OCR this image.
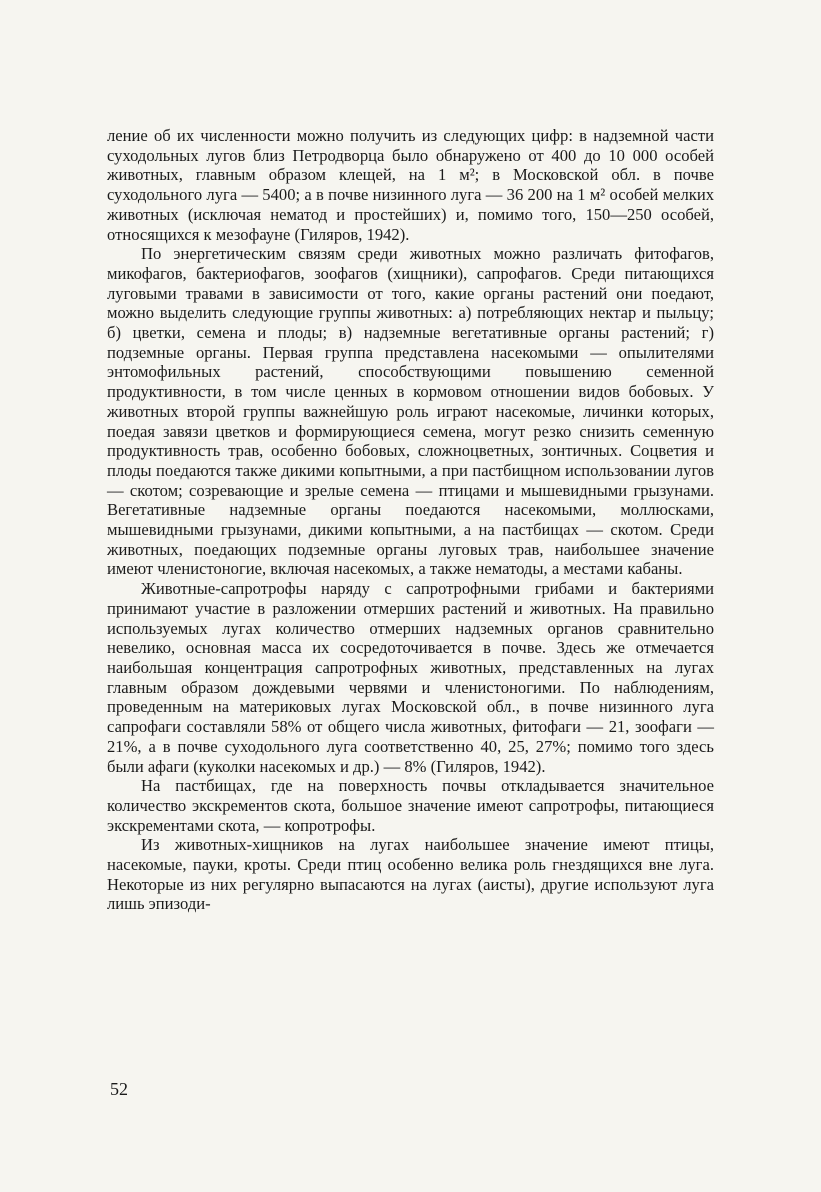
ление об их численности можно получить из следующих цифр: в надземной части суходольных лугов близ Петродворца было обнаружено от 400 до 10 000 особей животных, главным образом клещей, на 1 м²; в Московской обл. в почве суходольного луга — 5400; а в почве низинного луга — 36 200 на 1 м² особей мелких животных (исключая нематод и простейших) и, помимо того, 150—250 особей, относящихся к мезофауне (Гиляров, 1942).

По энергетическим связям среди животных можно различать фитофагов, микофагов, бактериофагов, зоофагов (хищники), сапрофагов. Среди питающихся луговыми травами в зависимости от того, какие органы растений они поедают, можно выделить следующие группы животных: а) потребляющих нектар и пыльцу; б) цветки, семена и плоды; в) надземные вегетативные органы растений; г) подземные органы. Первая группа представлена насекомыми — опылителями энтомофильных растений, способствующими повышению семенной продуктивности, в том числе ценных в кормовом отношении видов бобовых. У животных второй группы важнейшую роль играют насекомые, личинки которых, поедая завязи цветков и формирующиеся семена, могут резко снизить семенную продуктивность трав, особенно бобовых, сложноцветных, зонтичных. Соцветия и плоды поедаются также дикими копытными, а при пастбищном использовании лугов — скотом; созревающие и зрелые семена — птицами и мышевидными грызунами. Вегетативные надземные органы поедаются насекомыми, моллюсками, мышевидными грызунами, дикими копытными, а на пастбищах — скотом. Среди животных, поедающих подземные органы луговых трав, наибольшее значение имеют членистоногие, включая насекомых, а также нематоды, а местами кабаны.

Животные-сапротрофы наряду с сапротрофными грибами и бактериями принимают участие в разложении отмерших растений и животных. На правильно используемых лугах количество отмерших надземных органов сравнительно невелико, основная масса их сосредоточивается в почве. Здесь же отмечается наибольшая концентрация сапротрофных животных, представленных на лугах главным образом дождевыми червями и членистоногими. По наблюдениям, проведенным на материковых лугах Московской обл., в почве низинного луга сапрофаги составляли 58% от общего числа животных, фитофаги — 21, зоофаги — 21%, а в почве суходольного луга соответственно 40, 25, 27%; помимо того здесь были афаги (куколки насекомых и др.) — 8% (Гиляров, 1942).

На пастбищах, где на поверхность почвы откладывается значительное количество экскрементов скота, большое значение имеют сапротрофы, питающиеся экскрементами скота, — копротрофы.

Из животных-хищников на лугах наибольшее значение имеют птицы, насекомые, пауки, кроты. Среди птиц особенно велика роль гнездящихся вне луга. Некоторые из них регулярно выпасаются на лугах (аисты), другие используют луга лишь эпизоди-

52
